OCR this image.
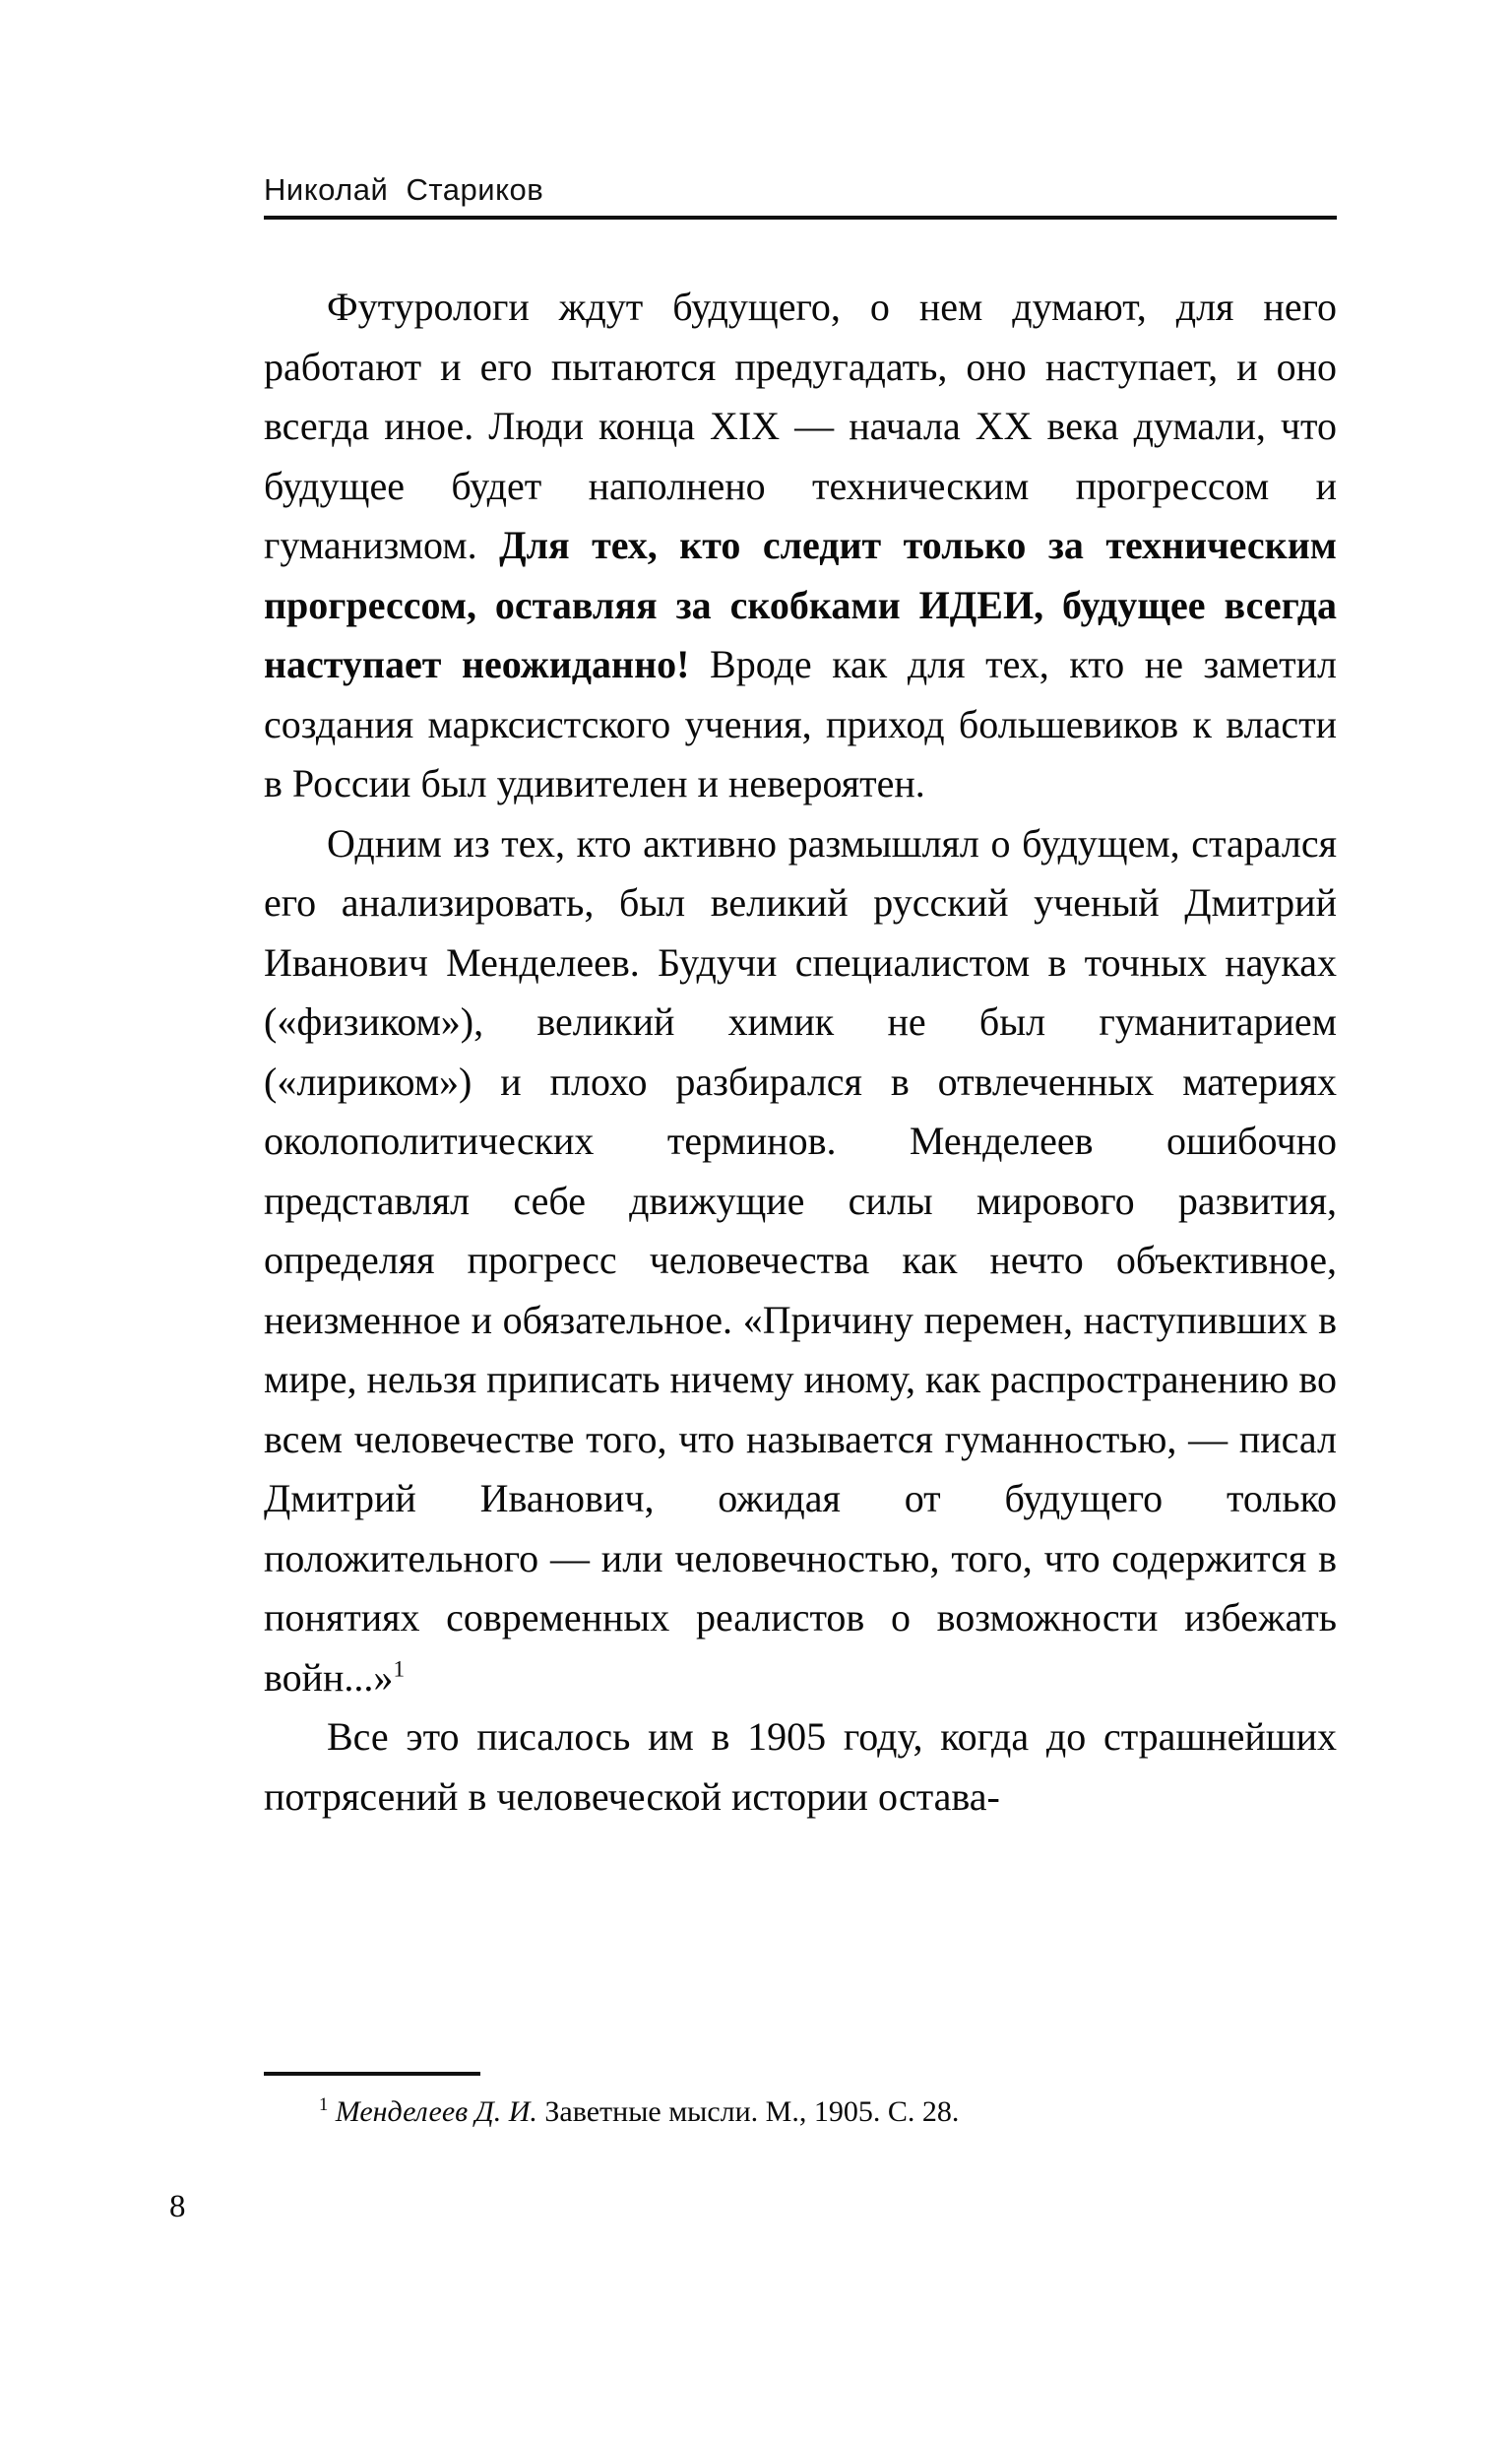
Николай  Стариков

Футурологи ждут будущего, о нем думают, для него работают и его пытаются предугадать, оно наступает, и оно всегда иное. Люди конца XIX — начала XX века думали, что будущее будет наполнено техническим прогрессом и гуманизмом. Для тех, кто следит только за техническим прогрессом, оставляя за скобками ИДЕИ, будущее всегда наступает неожиданно! Вроде как для тех, кто не заметил создания марксистского учения, приход большевиков к власти в России был удивителен и невероятен.

Одним из тех, кто активно размышлял о будущем, старался его анализировать, был великий русский ученый Дмитрий Иванович Менделеев. Будучи специалистом в точных науках («физиком»), великий химик не был гуманитарием («лириком») и плохо разбирался в отвлеченных материях околополитических терминов. Менделеев ошибочно представлял себе движущие силы мирового развития, определяя прогресс человечества как нечто объективное, неизменное и обязательное. «Причину перемен, наступивших в мире, нельзя приписать ничему иному, как распространению во всем человечестве того, что называется гуманностью, — писал Дмитрий Иванович, ожидая от будущего только положительного — или человечностью, того, что содержится в понятиях современных реалистов о возможности избежать войн...»$^1$

Все это писалось им в 1905 году, когда до страшнейших потрясений в человеческой истории остава-

$^1$ Менделеев Д. И. Заветные мысли. М., 1905. С. 28.

8
